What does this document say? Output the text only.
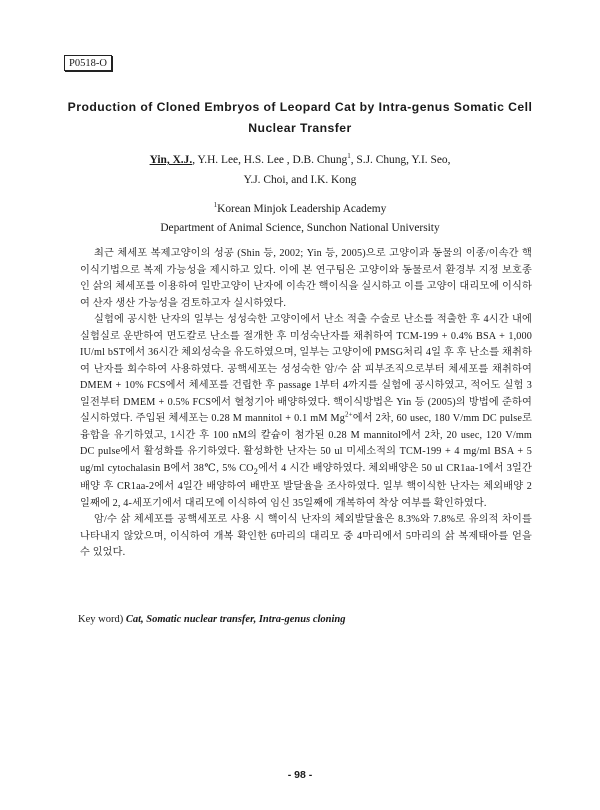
P0518-O
Production of Cloned Embryos of Leopard Cat by Intra-genus Somatic Cell
Nuclear Transfer
Yin, X.J., Y.H. Lee, H.S. Lee , D.B. Chung$^1$, S.J. Chung, Y.I. Seo,
Y.J. Choi, and I.K. Kong
$^1$Korean Minjok Leadership Academy
Department of Animal Science, Sunchon National University

최근 체세포 복제고양이의 성공 (Shin 등, 2002; Yin 등, 2005)으로 고양이과 동물의 이종/이속간 핵이식기법으로 복제 가능성을 제시하고 있다. 이에 본 연구팀은 고양이와 동물로서 환경부 지정 보호종인 삵의 체세포를 이용하여 일반고양이 난자에 이속간 핵이식을 실시하고 이를 고양이 대리모에 이식하여 산자 생산 가능성을 검토하고자 실시하였다.

실험에 공시한 난자의 일부는 성성숙한 고양이에서 난소 적출 수술로 난소를 적출한 후 4시간 내에 실험실로 운반하여 면도칼로 난소를 절개한 후 미성숙난자를 채취하여 TCM-199 + 0.4% BSA + 1,000 IU/ml bST에서 36시간 체외성숙을 유도하였으며, 일부는 고양이에 PMSG처리 4일 후 후 난소를 채취하여 난자를 회수하여 사용하였다. 공핵세포는 성성숙한 암/수 삵 피부조직으로부터 체세포를 채취하여 DMEM + 10% FCS에서 체세포를 건립한 후 passage 1부터 4까지를 실험에 공시하였고, 적어도 실험 3일전부터 DMEM + 0.5% FCS에서 혈청기아 배양하였다. 핵이식방법은 Yin 등 (2005)의 방법에 준하여 실시하였다. 주입된 체세포는 0.28 M mannitol + 0.1 mM $Mg^{2+}$에서 2차, 60 usec, 180 V/mm DC pulse로 융합을 유기하였고, 1시간 후 100 nM의 칼슘이 첨가된 0.28 M mannitol에서 2차, 20 usec, 120 V/mm DC pulse에서 활성화를 유기하였다. 활성화한 난자는 50 ul 미세소적의 TCM-199 + 4 mg/ml BSA + 5 ug/ml cytochalasin B에서 38℃, 5% $CO_2$에서 4 시간 배양하였다. 체외배양은 50 ul CR1aa-1에서 3일간 배양 후 CR1aa-2에서 4일간 배양하여 배반포 발달율을 조사하였다. 일부 핵이식한 난자는 체외배양 2일째에 2, 4-세포기에서 대리모에 이식하여 임신 35일째에 개복하여 착상 여부를 확인하였다.

암/수 삵 체세포를 공핵세포로 사용 시 핵이식 난자의 체외발달율은 8.3%와 7.8%로 유의적 차이를 나타내지 않았으며, 이식하여 개복 확인한 6마리의 대리모 중 4마리에서 5마리의 삵 복제태아를 얻을 수 있었다.

Key word) Cat, Somatic nuclear transfer, Intra-genus cloning
- 98 -
